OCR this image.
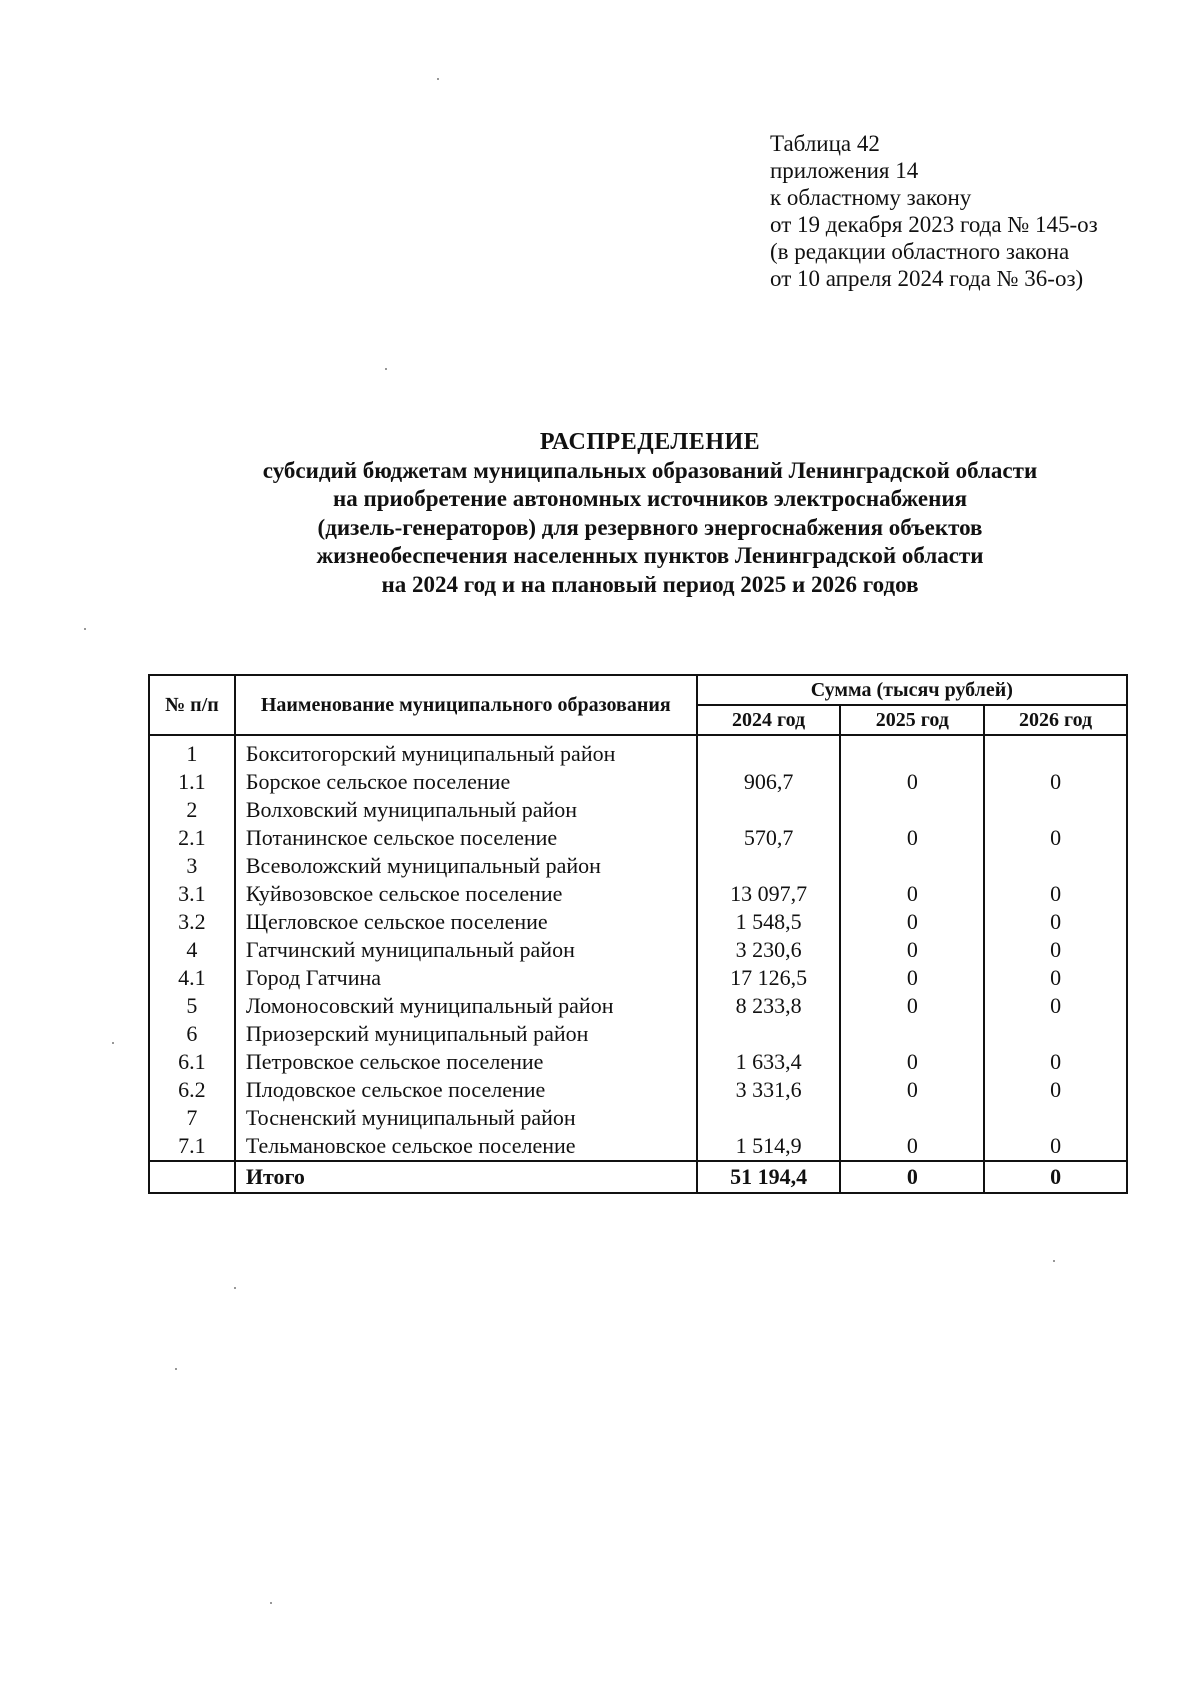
Таблица 42
приложения 14
к областному закону
от 19 декабря 2023 года № 145-оз
(в редакции областного закона
от 10 апреля 2024 года № 36-оз)
РАСПРЕДЕЛЕНИЕ
субсидий бюджетам муниципальных образований Ленинградской области
на приобретение автономных источников электроснабжения
(дизель-генераторов) для резервного энергоснабжения объектов
жизнеобеспечения населенных пунктов Ленинградской области
на 2024 год и на плановый период 2025 и 2026 годов
№ п/п	Наименование муниципального образования	Сумма (тысяч рублей)		
		2024 год	2025 год	2026 год
1	Бокситогорский муниципальный район			
1.1	Борское сельское поселение	906,7	0	0
2	Волховский муниципальный район			
2.1	Потанинское сельское поселение	570,7	0	0
3	Всеволожский муниципальный район			
3.1	Куйвозовское сельское поселение	13 097,7	0	0
3.2	Щегловское сельское поселение	1 548,5	0	0
4	Гатчинский муниципальный район	3 230,6	0	0
4.1	Город Гатчина	17 126,5	0	0
5	Ломоносовский муниципальный район	8 233,8	0	0
6	Приозерский муниципальный район			
6.1	Петровское сельское поселение	1 633,4	0	0
6.2	Плодовское сельское поселение	3 331,6	0	0
7	Тосненский муниципальный район			
7.1	Тельмановское сельское поселение	1 514,9	0	0
	Итого	51 194,4	0	0
